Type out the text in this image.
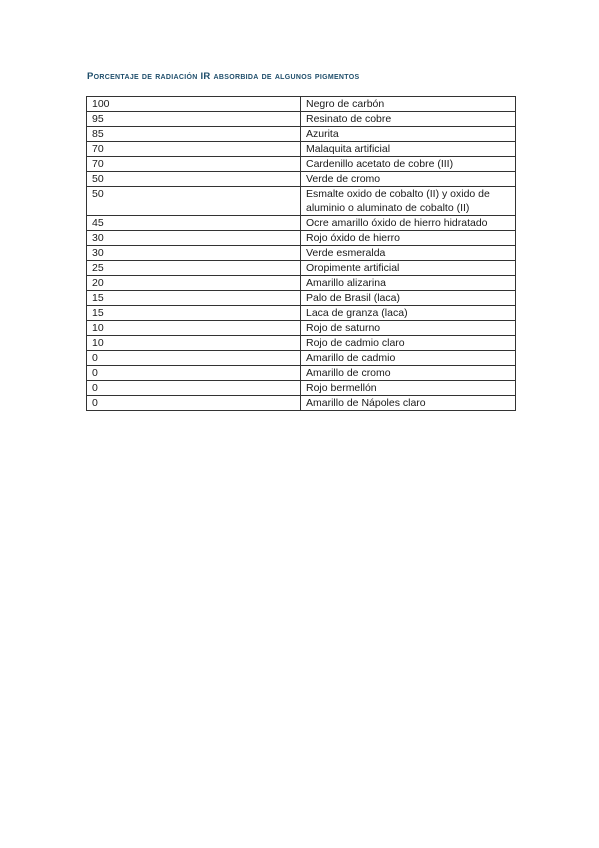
Porcentaje de radiación IR absorbida de algunos pigmentos
100	Negro de carbón
95	Resinato de cobre
85	Azurita
70	Malaquita artificial
70	Cardenillo acetato de cobre (III)
50	Verde de cromo
50	Esmalte oxido de cobalto (II) y oxido de aluminio o aluminato de cobalto (II)
45	Ocre amarillo óxido de hierro hidratado
30	Rojo óxido de hierro
30	Verde esmeralda
25	Oropimente artificial
20	Amarillo alizarina
15	Palo de Brasil (laca)
15	Laca de granza (laca)
10	Rojo de saturno
10	Rojo de cadmio claro
0	Amarillo de cadmio
0	Amarillo de cromo
0	Rojo bermellón
0	Amarillo de Nápoles claro
